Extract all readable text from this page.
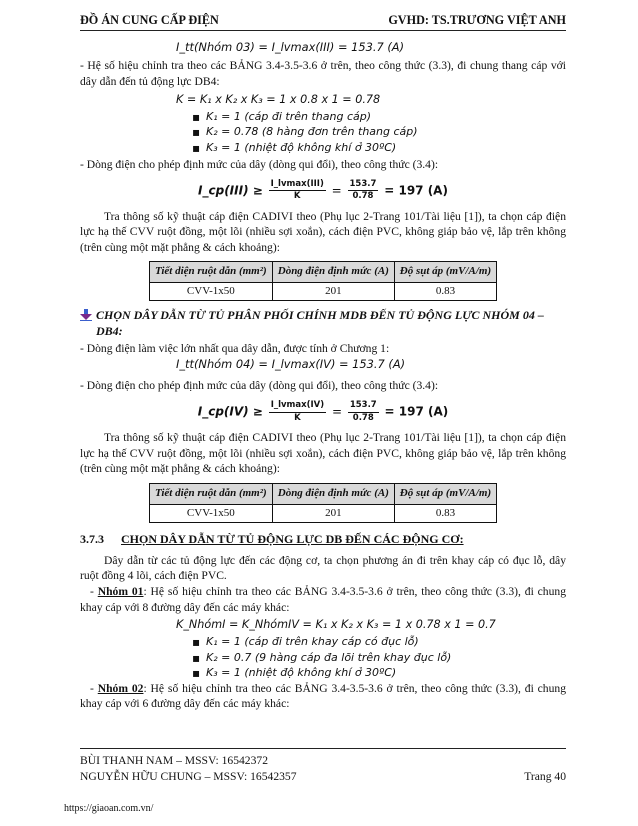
ĐỒ ÁN CUNG CẤP ĐIỆN	GVHD: TS.TRƯƠNG VIỆT ANH

I_tt(Nhóm 03) = I_lvmax(III) = 153.7 (A)

- Hệ số hiệu chỉnh tra theo các BẢNG 3.4-3.5-3.6 ở trên, theo công thức (3.3), đi chung thang cáp với dây dẫn đến tủ động lực DB4:

K = K₁ x K₂ x K₃ = 1 x 0.8 x 1 = 0.78

▪ K₁ = 1 (cáp đi trên thang cáp)
▪ K₂ = 0.78 (8 hàng đơn trên thang cáp)
▪ K₃ = 1 (nhiệt độ không khí ở 30ºC)

- Dòng điện cho phép định mức của dây (dòng qui đổi), theo công thức (3.4):

I_cp(III) ≥ $\frac{\text{I\_lvmax(III)}}{K} = \frac{153.7}{0.78} = 197$ (A)

Tra thông số kỹ thuật cáp điện CADIVI theo (Phụ lục 2-Trang 101/Tài liệu [1]), ta chọn cáp điện lực hạ thế CVV ruột đồng, một lõi (nhiều sợi xoắn), cách điện PVC, không giáp bảo vệ, lắp trên không (trên cùng một mặt phẳng & cách khoảng):

Tiết diện ruột dẫn (mm²)	Dòng điện định mức (A)	Độ sụt áp (mV/A/m)
CVV-1x50	201	0.83
CHỌN DÂY DẪN TỪ TỦ PHÂN PHỐI CHÍNH MDB ĐẾN TỦ ĐỘNG LỰC NHÓM 04 – DB4:

- Dòng điện làm việc lớn nhất qua dây dẫn, được tính ở Chương 1:

I_tt(Nhóm 04) = I_lvmax(IV) = 153.7 (A)

- Dòng điện cho phép định mức của dây (dòng qui đổi), theo công thức (3.4):

I_cp(IV) ≥ $\frac{I\_lvmax(IV)}{K} = \frac{153.7}{0.78} = 197$ (A)

Tra thông số kỹ thuật cáp điện CADIVI theo (Phụ lục 2-Trang 101/Tài liệu [1]), ta chọn cáp điện lực hạ thế CVV ruột đồng, một lõi (nhiều sợi xoắn), cách điện PVC, không giáp bảo vệ, lắp trên không (trên cùng một mặt phẳng & cách khoảng):

Tiết diện ruột dẫn (mm²)	Dòng điện định mức (A)	Độ sụt áp (mV/A/m)
CVV-1x50	201	0.83
3.7.3 CHỌN DÂY DẪN TỪ TỦ ĐỘNG LỰC DB ĐẾN CÁC ĐỘNG CƠ:

Dây dẫn từ các tủ động lực đến các động cơ, ta chọn phương án đi trên khay cáp có đục lỗ, dây ruột đồng 4 lõi, cách điện PVC.

- Nhóm 01: Hệ số hiệu chỉnh tra theo các BẢNG 3.4-3.5-3.6 ở trên, theo công thức (3.3), đi chung khay cáp với 8 đường dây đến các máy khác:

K_NhómI = K_NhómIV = K₁ x K₂ x K₃ = 1 x 0.78 x 1 = 0.7

▪ K₁ = 1 (cáp đi trên khay cáp có đục lỗ)
▪ K₂ = 0.7 (9 hàng cáp đa lõi trên khay đục lỗ)
▪ K₃ = 1 (nhiệt độ không khí ở 30ºC)

- Nhóm 02: Hệ số hiệu chỉnh tra theo các BẢNG 3.4-3.5-3.6 ở trên, theo công thức (3.3), đi chung khay cáp với 6 đường dây đến các máy khác:

BÙI THANH NAM – MSSV: 16542372
NGUYỄN HỮU CHUNG – MSSV: 16542357	Trang 40
https://giaoan.com.vn/
